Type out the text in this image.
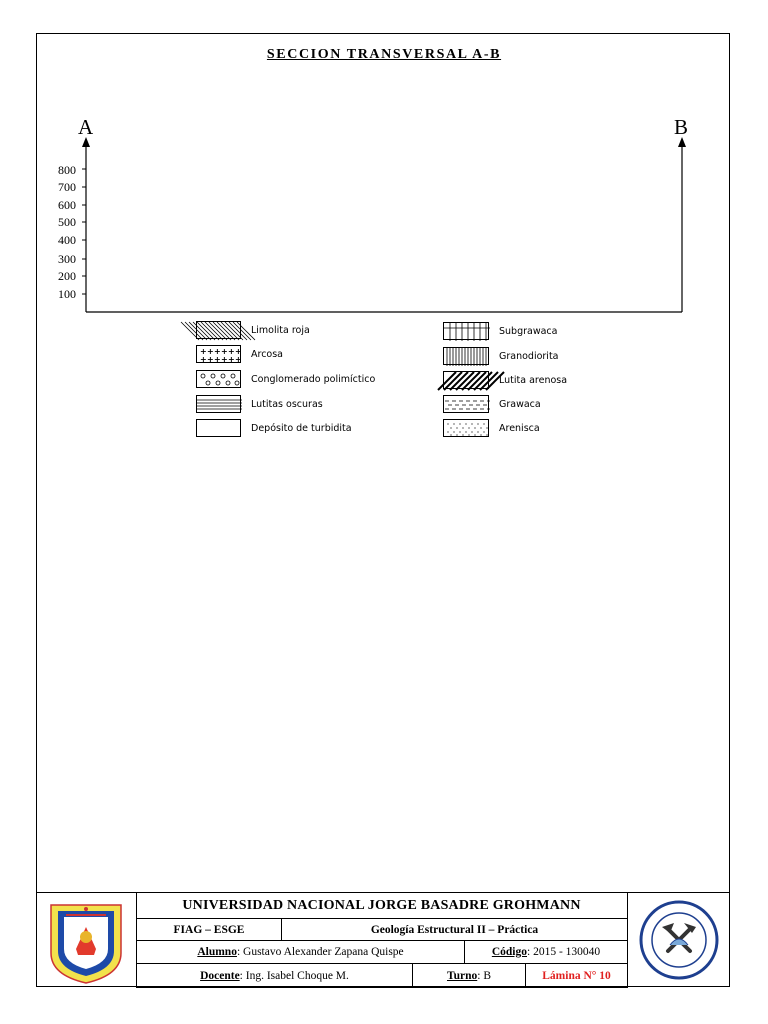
SECCION TRANSVERSAL A-B
A	B
800
700
600
500
400
300
200
100
Limolita roja
+ + + + + +
+ + + + + + Arcosa
Conglomerado polimíctico
Lutitas oscuras
Depósito de turbidita
Subgrawaca
Granodiorita
Lutita arenosa
Grawaca
Arenisca
UNIVERSIDAD NACIONAL JORGE BASADRE GROHMANN
FIAG – ESGE	Geología Estructural II – Práctica
Alumno : Gustavo Alexander Zapana Quispe	Código : 2015 - 130040
Docente : Ing. Isabel Choque M.	Turno : B	Lámina N° 10
